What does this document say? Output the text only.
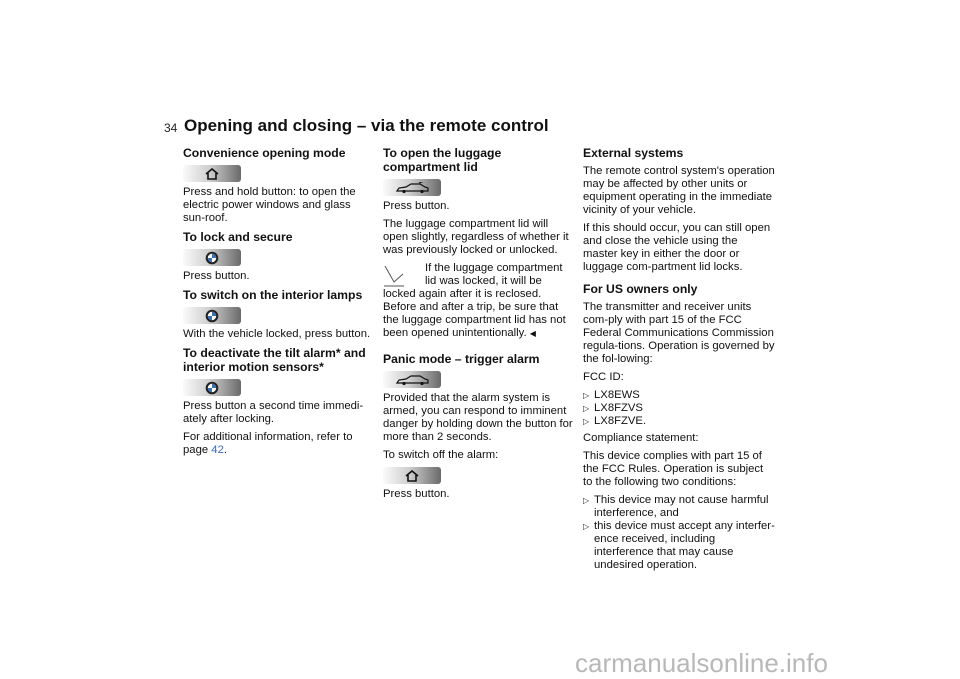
34 Opening and closing – via the remote control
Convenience opening mode

Press and hold button: to open the electric power windows and glass sun-roof.

To lock and secure

Press button.

To switch on the interior lamps

With the vehicle locked, press button.

To deactivate the tilt alarm* and interior motion sensors*

Press button a second time immedi-ately after locking.

For additional information, refer to page 42.

To open the luggage compartment lid

Press button.

The luggage compartment lid will open slightly, regardless of whether it was previously locked or unlocked.

If the luggage compartment lid was locked, it will be locked again after it is reclosed.

Before and after a trip, be sure that the luggage compartment lid has not been opened unintentionally. ◀

Panic mode – trigger alarm

Provided that the alarm system is armed, you can respond to imminent danger by holding down the button for more than 2 seconds.

To switch off the alarm:

Press button.

External systems

The remote control system's operation may be affected by other units or equipment operating in the immediate vicinity of your vehicle.

If this should occur, you can still open and close the vehicle using the master key in either the door or luggage com-partment lid locks.

For US owners only

The transmitter and receiver units com-ply with part 15 of the FCC Federal Communications Commission regula-tions. Operation is governed by the fol-lowing:

FCC ID:

▷ LX8EWS
▷ LX8FZVS
▷ LX8FZVE.

Compliance statement:

This device complies with part 15 of the FCC Rules. Operation is subject to the following two conditions:

▷ This device may not cause harmful interference, and
▷ this device must accept any interfer-ence received, including interference that may cause undesired operation.
carmanualsonline.info
